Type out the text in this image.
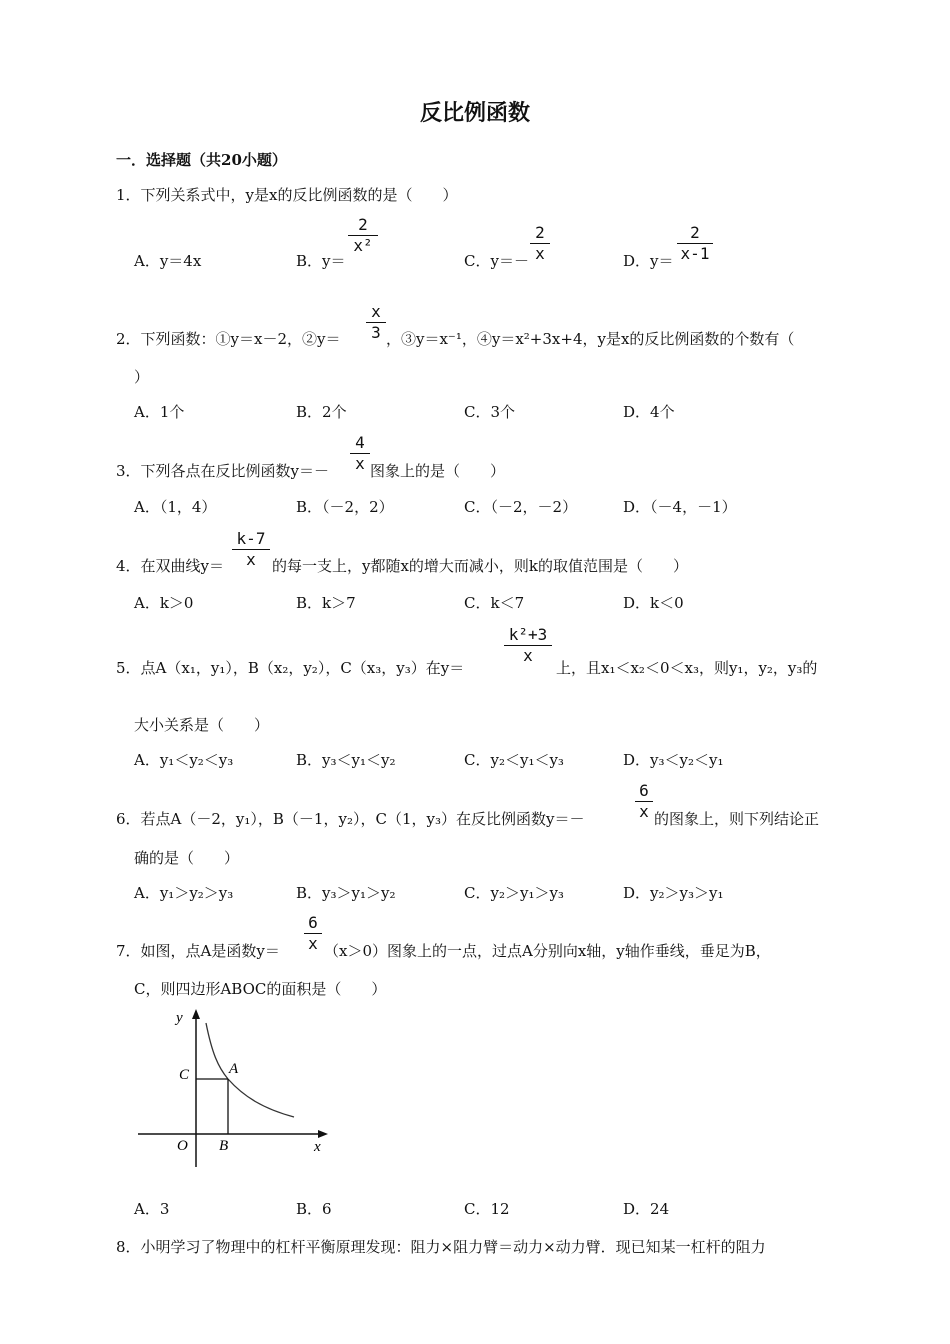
反比例函数
一．选择题（共20小题）
1．下列关系式中，y是x的反比例函数的是（　　）
A．y＝4x	B．y＝
2
x²
C．y＝－
2
x	D．y＝
2
x-1
2．下列函数：①y＝x－2，②y＝
x
3 ，③y＝x⁻¹，④y＝x²+3x+4，y是x的反比例函数的个数有（
）
A．1个	B．2个	C．3个	D．4个
3．下列各点在反比例函数y＝－
4
x 图象上的是（　　）
A．（1，4）	B．（－2，2）	C．（－2，－2）	D．（－4，－1）
4．在双曲线y＝
k-7
x	的每一支上，y都随x的增大而减小，则k的取值范围是（　　）
A．k＞0	B．k＞7	C．k＜7	D．k＜0
5．点A（x₁，y₁），B（x₂，y₂），C（x₃，y₃）在y＝
k²+3
x
上，且x₁＜x₂＜0＜x₃，则y₁，y₂，y₃的
大小关系是（　　）
A．y₁＜y₂＜y₃	B．y₃＜y₁＜y₂	C．y₂＜y₁＜y₃	D．y₃＜y₂＜y₁
6．若点A（－2，y₁），B（－1，y₂），C（1，y₃）在反比例函数y＝－
6
x 的图象上，则下列结论正
确的是（　　）
A．y₁＞y₂＞y₃	B．y₃＞y₁＞y₂	C．y₂＞y₁＞y₃	D．y₂＞y₃＞y₁
7．如图，点A是函数y＝
6
x （x＞0）图象上的一点，过点A分别向x轴，y轴作垂线，垂足为B，
C，则四边形ABOC的面积是（　　）
y
x
O B
C	A
A．3	B．6	C．12	D．24
8．小明学习了物理中的杠杆平衡原理发现：阻力×阻力臂＝动力×动力臂．现已知某一杠杆的阻力
